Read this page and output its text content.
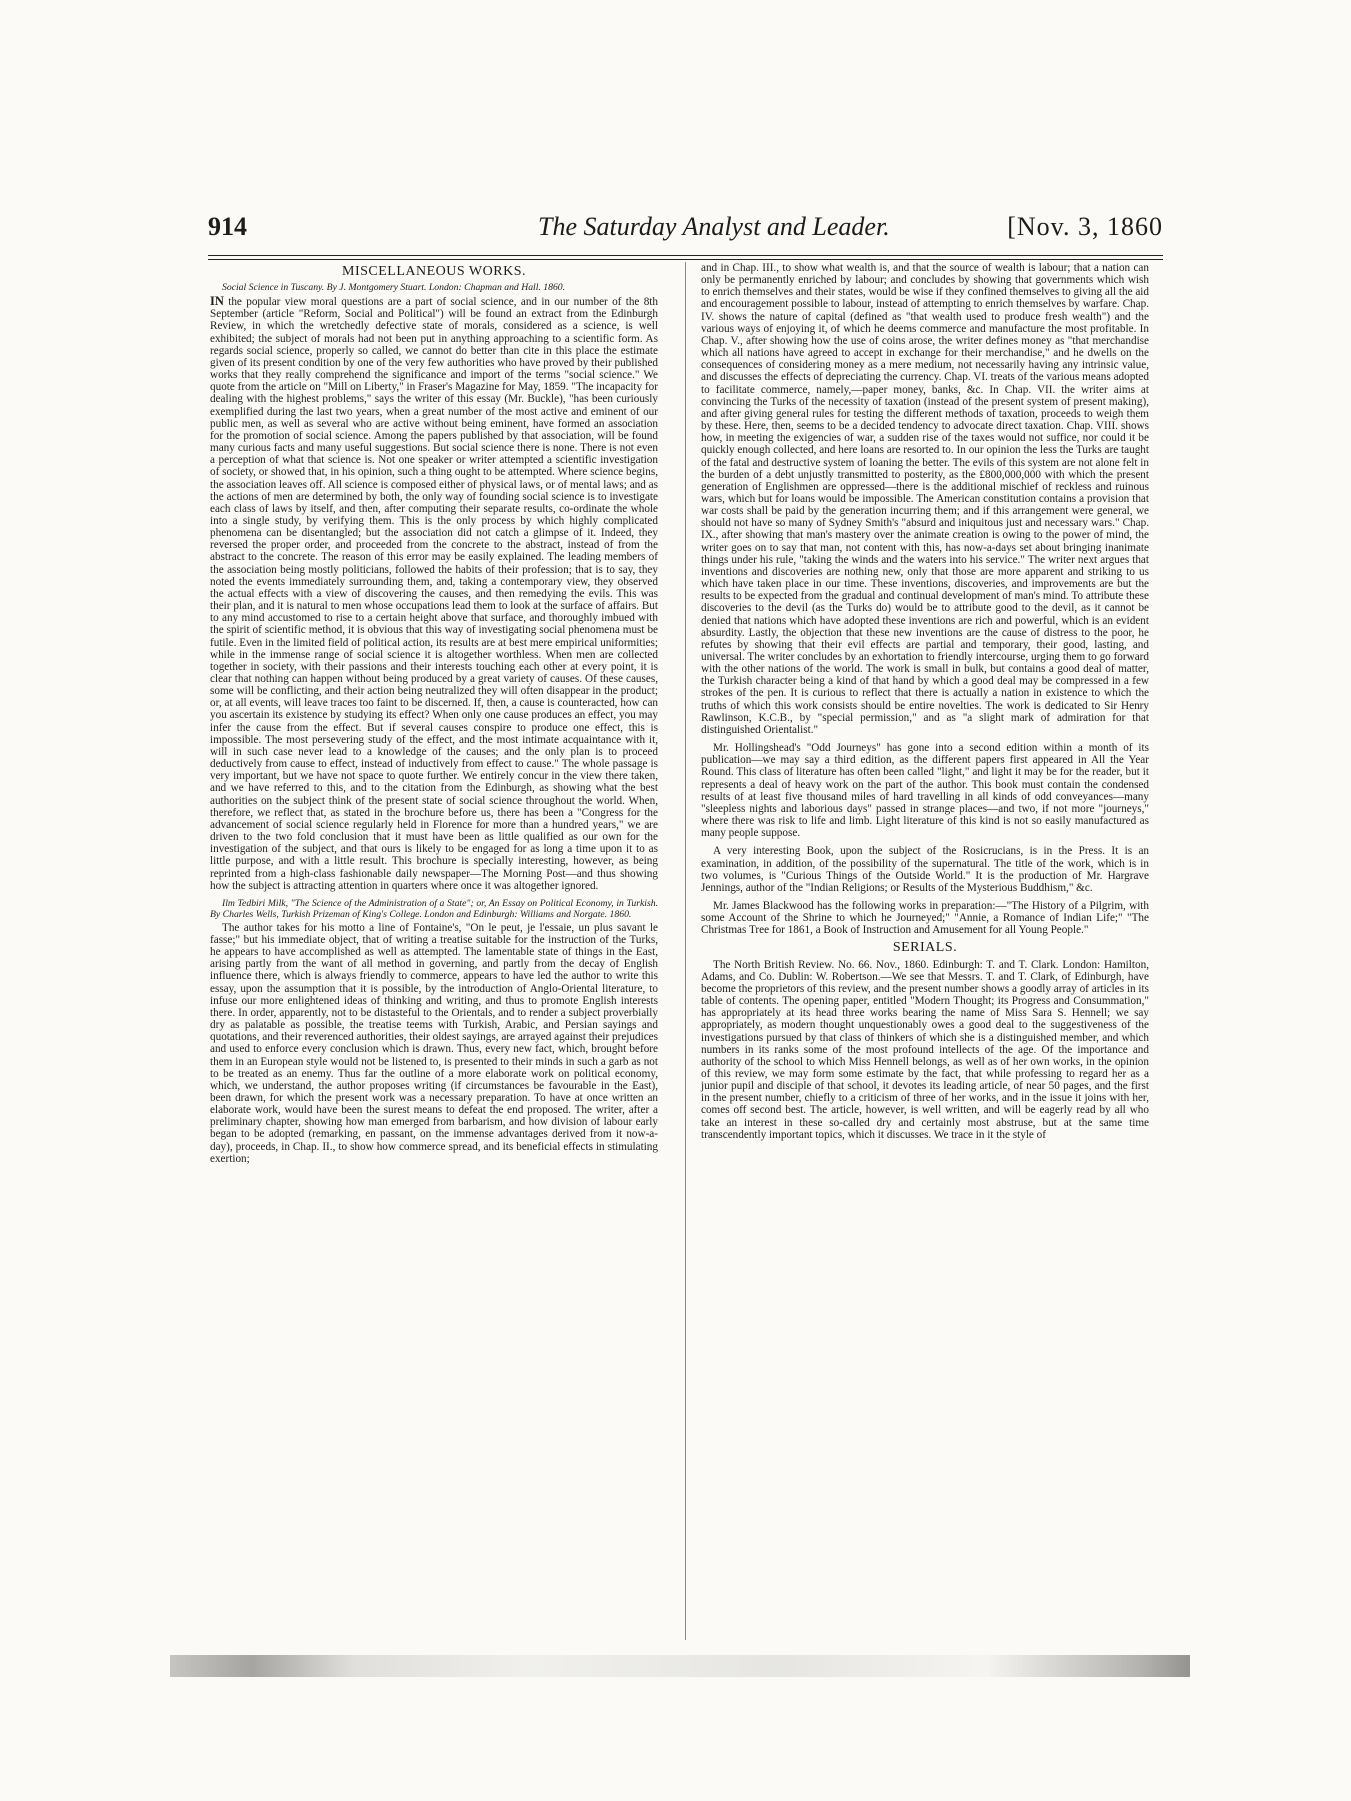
914	The Saturday Analyst and Leader.	[Nov. 3, 1860
MISCELLANEOUS WORKS.
Social Science in Tuscany. By J. Montgomery Stuart. London: Chapman and Hall. 1860.

IN the popular view moral questions are a part of social science, and in our number of the 8th September (article "Reform, Social and Political") will be found an extract from the Edinburgh Review, in which the wretchedly defective state of morals, considered as a science, is well exhibited; the subject of morals had not been put in anything approaching to a scientific form. As regards social science, properly so called, we cannot do better than cite in this place the estimate given of its present condition by one of the very few authorities who have proved by their published works that they really comprehend the significance and import of the terms "social science." We quote from the article on "Mill on Liberty," in Fraser's Magazine for May, 1859. "The incapacity for dealing with the highest problems," says the writer of this essay (Mr. Buckle), "has been curiously exemplified during the last two years, when a great number of the most active and eminent of our public men, as well as several who are active without being eminent, have formed an association for the promotion of social science. Among the papers published by that association, will be found many curious facts and many useful suggestions. But social science there is none. There is not even a perception of what that science is. Not one speaker or writer attempted a scientific investigation of society, or showed that, in his opinion, such a thing ought to be attempted. Where science begins, the association leaves off. All science is composed either of physical laws, or of mental laws; and as the actions of men are determined by both, the only way of founding social science is to investigate each class of laws by itself, and then, after computing their separate results, co-ordinate the whole into a single study, by verifying them. This is the only process by which highly complicated phenomena can be disentangled; but the association did not catch a glimpse of it. Indeed, they reversed the proper order, and proceeded from the concrete to the abstract, instead of from the abstract to the concrete. The reason of this error may be easily explained. The leading members of the association being mostly politicians, followed the habits of their profession; that is to say, they noted the events immediately surrounding them, and, taking a contemporary view, they observed the actual effects with a view of discovering the causes, and then remedying the evils. This was their plan, and it is natural to men whose occupations lead them to look at the surface of affairs. But to any mind accustomed to rise to a certain height above that surface, and thoroughly imbued with the spirit of scientific method, it is obvious that this way of investigating social phenomena must be futile. Even in the limited field of political action, its results are at best mere empirical uniformities; while in the immense range of social science it is altogether worthless. When men are collected together in society, with their passions and their interests touching each other at every point, it is clear that nothing can happen without being produced by a great variety of causes. Of these causes, some will be conflicting, and their action being neutralized they will often disappear in the product; or, at all events, will leave traces too faint to be discerned. If, then, a cause is counteracted, how can you ascertain its existence by studying its effect? When only one cause produces an effect, you may infer the cause from the effect. But if several causes conspire to produce one effect, this is impossible. The most persevering study of the effect, and the most intimate acquaintance with it, will in such case never lead to a knowledge of the causes; and the only plan is to proceed deductively from cause to effect, instead of inductively from effect to cause." The whole passage is very important, but we have not space to quote further. We entirely concur in the view there taken, and we have referred to this, and to the citation from the Edinburgh, as showing what the best authorities on the subject think of the present state of social science throughout the world. When, therefore, we reflect that, as stated in the brochure before us, there has been a "Congress for the advancement of social science regularly held in Florence for more than a hundred years," we are driven to the two fold conclusion that it must have been as little qualified as our own for the investigation of the subject, and that ours is likely to be engaged for as long a time upon it to as little purpose, and with a little result. This brochure is specially interesting, however, as being reprinted from a high-class fashionable daily newspaper—The Morning Post—and thus showing how the subject is attracting attention in quarters where once it was altogether ignored.

Ilm Tedbiri Milk, "The Science of the Administration of a State"; or, An Essay on Political Economy, in Turkish. By Charles Wells, Turkish Prizeman of King's College. London and Edinburgh: Williams and Norgate. 1860.

The author takes for his motto a line of Fontaine's, "On le peut, je l'essaie, un plus savant le fasse;" but his immediate object, that of writing a treatise suitable for the instruction of the Turks, he appears to have accomplished as well as attempted. The lamentable state of things in the East, arising partly from the want of all method in governing, and partly from the decay of English influence there, which is always friendly to commerce, appears to have led the author to write this essay, upon the assumption that it is possible, by the introduction of Anglo-Oriental literature, to infuse our more enlightened ideas of thinking and writing, and thus to promote English interests there. In order, apparently, not to be distasteful to the Orientals, and to render a subject proverbially dry as palatable as possible, the treatise teems with Turkish, Arabic, and Persian sayings and quotations, and their reverenced authorities, their oldest sayings, are arrayed against their prejudices and used to enforce every conclusion which is drawn. Thus, every new fact, which, brought before them in an European style would not be listened to, is presented to their minds in such a garb as not to be treated as an enemy. Thus far the outline of a more elaborate work on political economy, which, we understand, the author proposes writing (if circumstances be favourable in the East), been drawn, for which the present work was a necessary preparation. To have at once written an elaborate work, would have been the surest means to defeat the end proposed. The writer, after a preliminary chapter, showing how man emerged from barbarism, and how division of labour early began to be adopted (remarking, en passant, on the immense advantages derived from it now-a-day), proceeds, in Chap. II., to show how commerce spread, and its beneficial effects in stimulating exertion;

and in Chap. III., to show what wealth is, and that the source of wealth is labour; that a nation can only be permanently enriched by labour; and concludes by showing that governments which wish to enrich themselves and their states, would be wise if they confined themselves to giving all the aid and encouragement possible to labour, instead of attempting to enrich themselves by warfare. Chap. IV. shows the nature of capital (defined as "that wealth used to produce fresh wealth") and the various ways of enjoying it, of which he deems commerce and manufacture the most profitable. In Chap. V., after showing how the use of coins arose, the writer defines money as "that merchandise which all nations have agreed to accept in exchange for their merchandise," and he dwells on the consequences of considering money as a mere medium, not necessarily having any intrinsic value, and discusses the effects of depreciating the currency. Chap. VI. treats of the various means adopted to facilitate commerce, namely,—paper money, banks, &c. In Chap. VII. the writer aims at convincing the Turks of the necessity of taxation (instead of the present system of present making), and after giving general rules for testing the different methods of taxation, proceeds to weigh them by these. Here, then, seems to be a decided tendency to advocate direct taxation. Chap. VIII. shows how, in meeting the exigencies of war, a sudden rise of the taxes would not suffice, nor could it be quickly enough collected, and here loans are resorted to. In our opinion the less the Turks are taught of the fatal and destructive system of loaning the better. The evils of this system are not alone felt in the burden of a debt unjustly transmitted to posterity, as the £800,000,000 with which the present generation of Englishmen are oppressed—there is the additional mischief of reckless and ruinous wars, which but for loans would be impossible. The American constitution contains a provision that war costs shall be paid by the generation incurring them; and if this arrangement were general, we should not have so many of Sydney Smith's "absurd and iniquitous just and necessary wars." Chap. IX., after showing that man's mastery over the animate creation is owing to the power of mind, the writer goes on to say that man, not content with this, has now-a-days set about bringing inanimate things under his rule, "taking the winds and the waters into his service." The writer next argues that inventions and discoveries are nothing new, only that those are more apparent and striking to us which have taken place in our time. These inventions, discoveries, and improvements are but the results to be expected from the gradual and continual development of man's mind. To attribute these discoveries to the devil (as the Turks do) would be to attribute good to the devil, as it cannot be denied that nations which have adopted these inventions are rich and powerful, which is an evident absurdity. Lastly, the objection that these new inventions are the cause of distress to the poor, he refutes by showing that their evil effects are partial and temporary, their good, lasting, and universal. The writer concludes by an exhortation to friendly intercourse, urging them to go forward with the other nations of the world. The work is small in bulk, but contains a good deal of matter, the Turkish character being a kind of that hand by which a good deal may be compressed in a few strokes of the pen. It is curious to reflect that there is actually a nation in existence to which the truths of which this work consists should be entire novelties. The work is dedicated to Sir Henry Rawlinson, K.C.B., by "special permission," and as "a slight mark of admiration for that distinguished Orientalist."

Mr. Hollingshead's "Odd Journeys" has gone into a second edition within a month of its publication—we may say a third edition, as the different papers first appeared in All the Year Round. This class of literature has often been called "light," and light it may be for the reader, but it represents a deal of heavy work on the part of the author. This book must contain the condensed results of at least five thousand miles of hard travelling in all kinds of odd conveyances—many "sleepless nights and laborious days" passed in strange places—and two, if not more "journeys," where there was risk to life and limb. Light literature of this kind is not so easily manufactured as many people suppose.

A very interesting Book, upon the subject of the Rosicrucians, is in the Press. It is an examination, in addition, of the possibility of the supernatural. The title of the work, which is in two volumes, is "Curious Things of the Outside World." It is the production of Mr. Hargrave Jennings, author of the "Indian Religions; or Results of the Mysterious Buddhism," &c.

Mr. James Blackwood has the following works in preparation:—"The History of a Pilgrim, with some Account of the Shrine to which he Journeyed;" "Annie, a Romance of Indian Life;" "The Christmas Tree for 1861, a Book of Instruction and Amusement for all Young People."

SERIALS.

The North British Review. No. 66. Nov., 1860. Edinburgh: T. and T. Clark. London: Hamilton, Adams, and Co. Dublin: W. Robertson.—We see that Messrs. T. and T. Clark, of Edinburgh, have become the proprietors of this review, and the present number shows a goodly array of articles in its table of contents. The opening paper, entitled "Modern Thought; its Progress and Consummation," has appropriately at its head three works bearing the name of Miss Sara S. Hennell; we say appropriately, as modern thought unquestionably owes a good deal to the suggestiveness of the investigations pursued by that class of thinkers of which she is a distinguished member, and which numbers in its ranks some of the most profound intellects of the age. Of the importance and authority of the school to which Miss Hennell belongs, as well as of her own works, in the opinion of this review, we may form some estimate by the fact, that while professing to regard her as a junior pupil and disciple of that school, it devotes its leading article, of near 50 pages, and the first in the present number, chiefly to a criticism of three of her works, and in the issue it joins with her, comes off second best. The article, however, is well written, and will be eagerly read by all who take an interest in these so-called dry and certainly most abstruse, but at the same time transcendently important topics, which it discusses. We trace in it the style of
